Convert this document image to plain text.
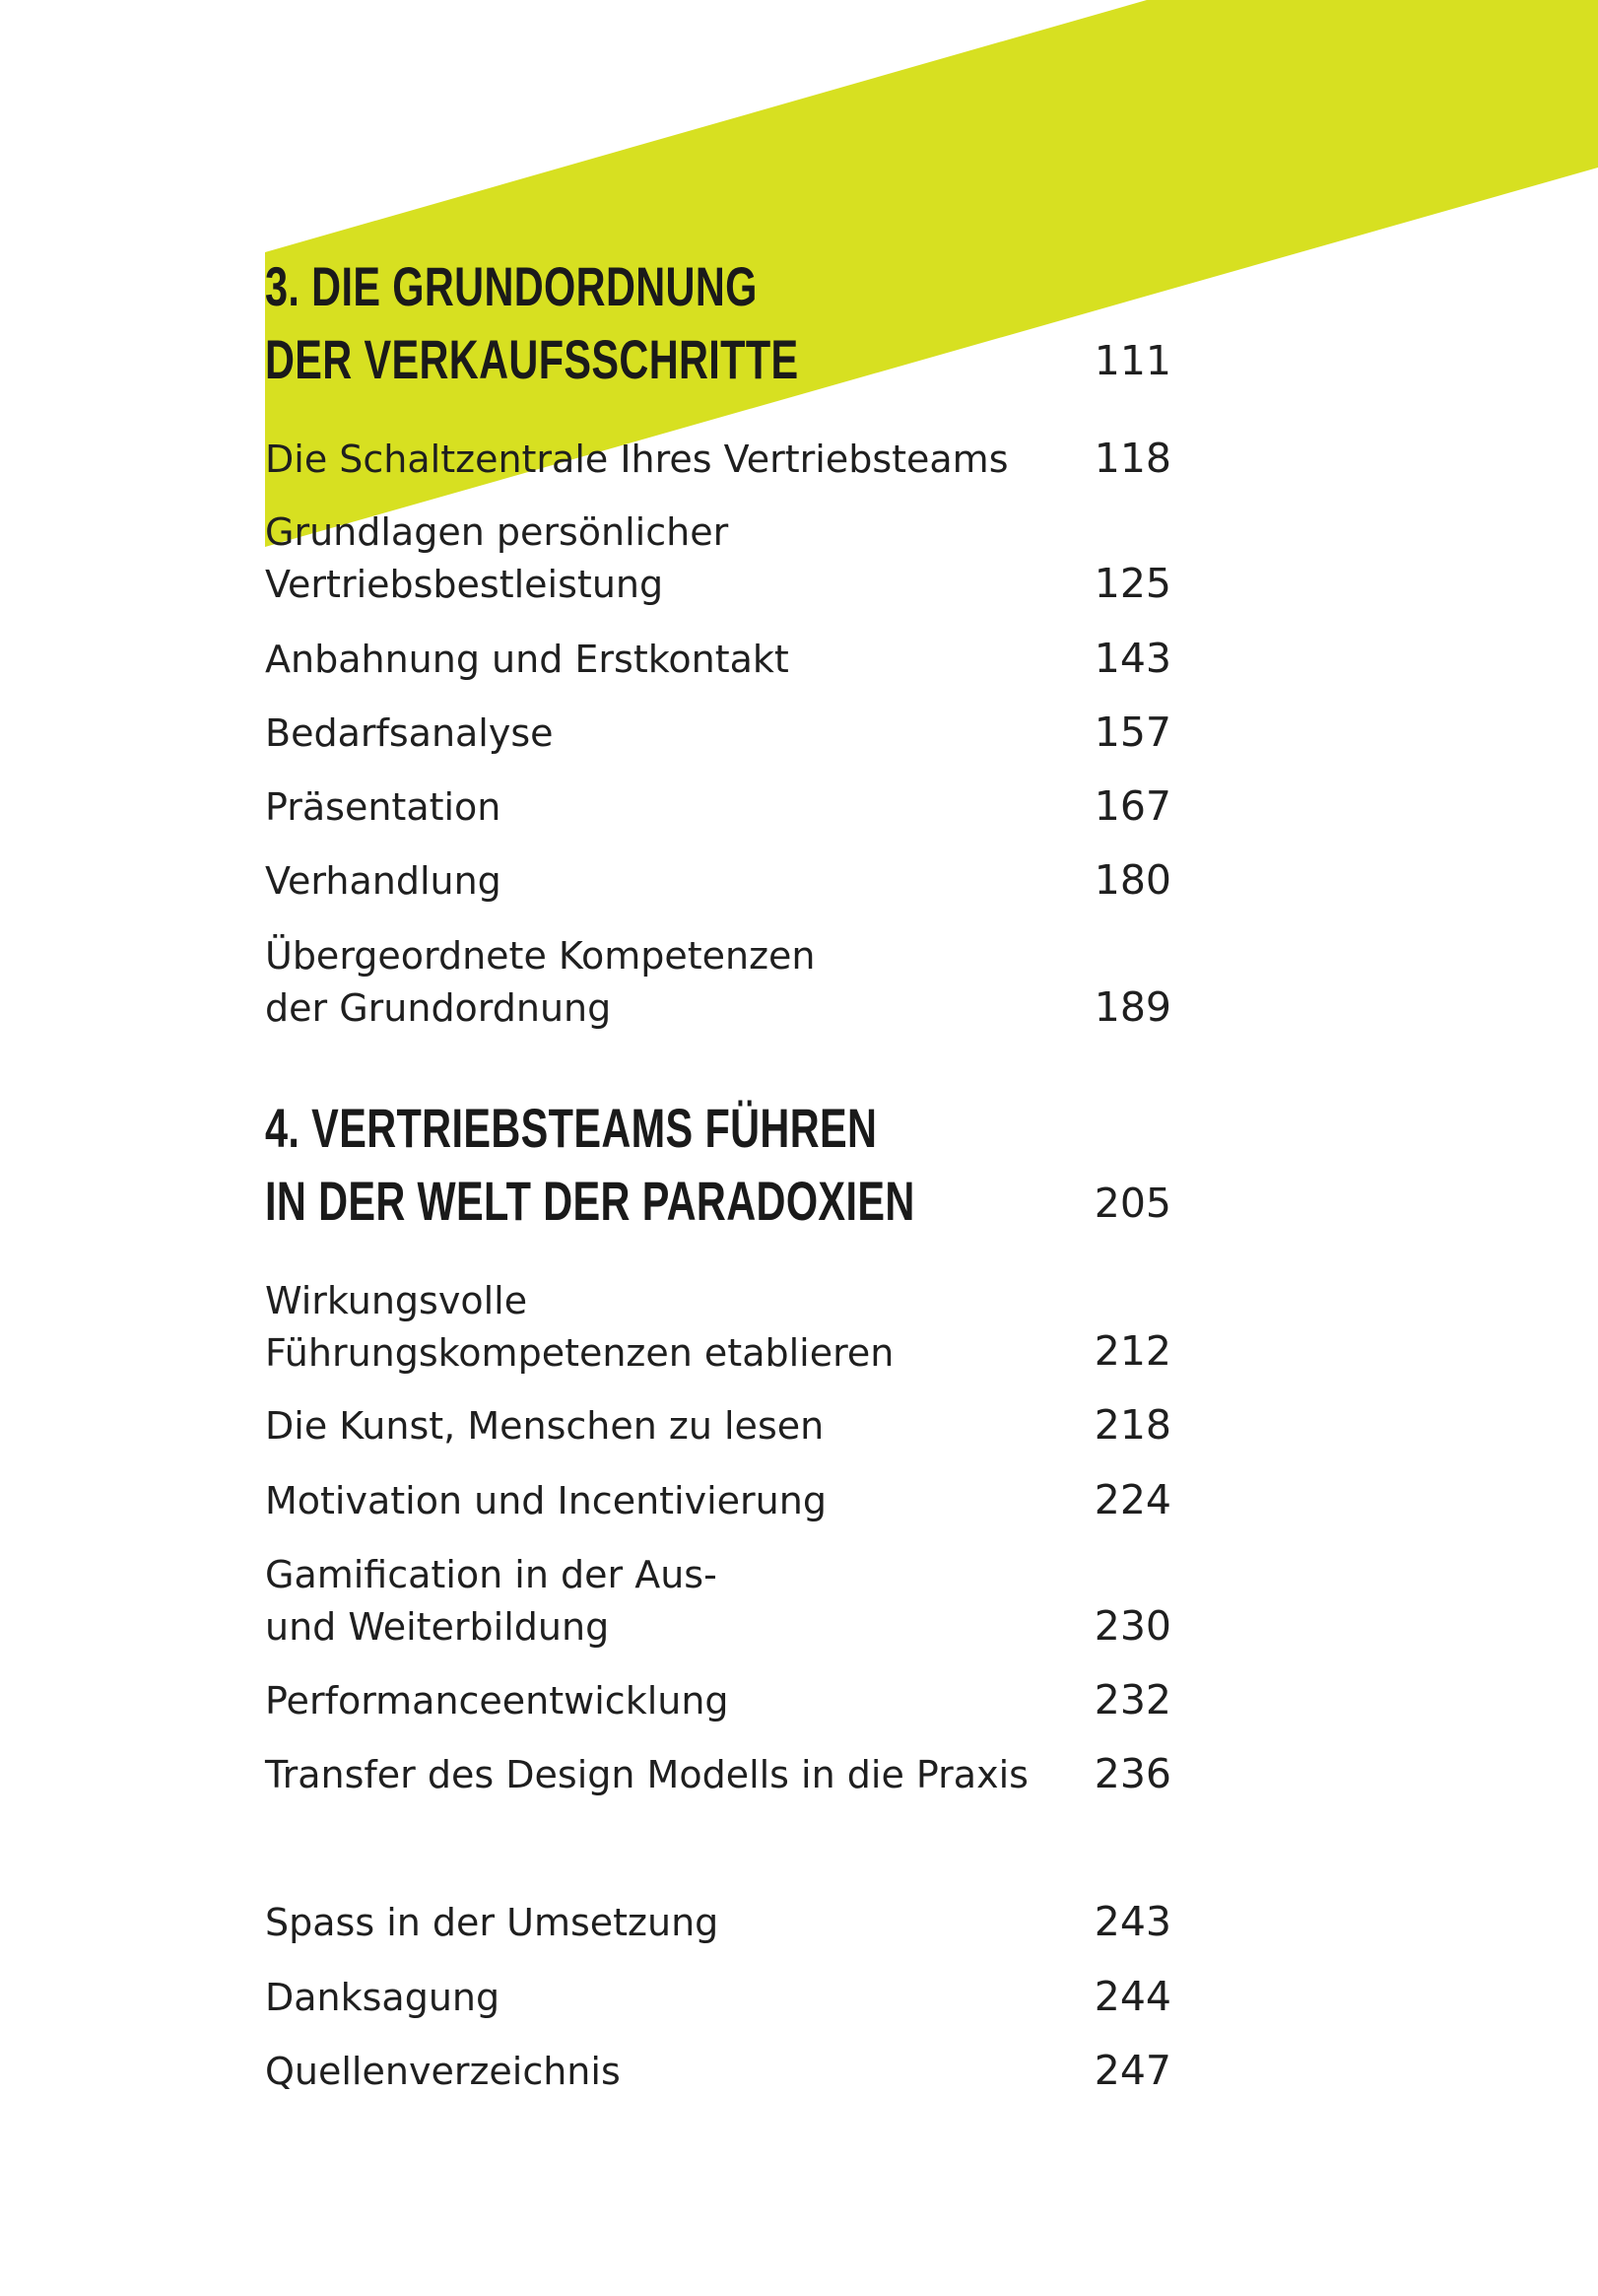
3. DIE GRUNDORDNUNG
DER VERKAUFSSCHRITTE	111
Die Schaltzentrale Ihres Vertriebsteams	118
Grundlagen persönlicher
Vertriebsbestleistung	125
Anbahnung und Erstkontakt	143
Bedarfsanalyse	157
Präsentation	167
Verhandlung	180
Übergeordnete Kompetenzen
der Grundordnung	189
4. VERTRIEBSTEAMS FÜHREN
IN DER WELT DER PARADOXIEN	205
Wirkungsvolle
Führungskompetenzen etablieren	212
Die Kunst, Menschen zu lesen	218
Motivation und Incentivierung	224
Gamification in der Aus-
und Weiterbildung	230
Performanceentwicklung	232
Transfer des Design Modells in die Praxis	236
Spass in der Umsetzung	243
Danksagung	244
Quellenverzeichnis	247
